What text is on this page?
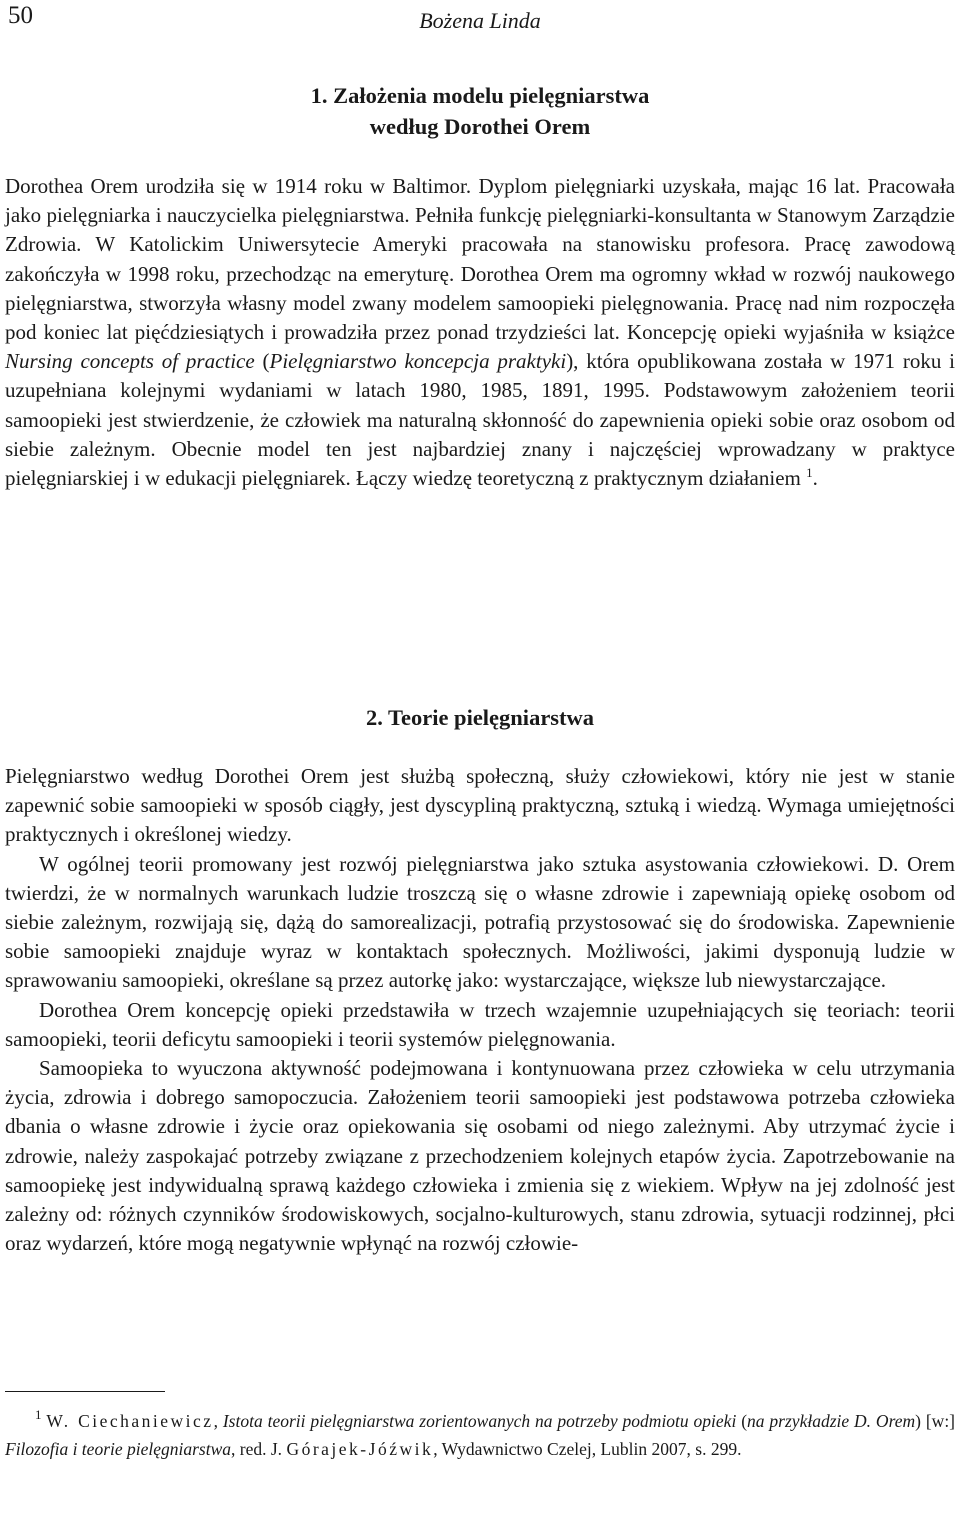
50	Bożena Linda
1. Założenia modelu pielęgniarstwa
według Dorothei Orem

Dorothea Orem urodziła się w 1914 roku w Baltimor. Dyplom pielęgniarki uzyskała, mając 16 lat. Pracowała jako pielęgniarka i nauczycielka pielęgniarstwa. Pełniła funkcję pielęgniarki-konsultanta w Stanowym Zarządzie Zdrowia. W Katolickim Uniwersytecie Ameryki pracowała na stanowisku profesora. Pracę zawodową zakończyła w 1998 roku, przechodząc na emeryturę. Dorothea Orem ma ogromny wkład w rozwój naukowego pielęgniarstwa, stworzyła własny model zwany modelem samoopieki pielęgnowania. Pracę nad nim rozpoczęła pod koniec lat pięćdziesiątych i prowadziła przez ponad trzydzieści lat. Koncepcję opieki wyjaśniła w książce Nursing concepts of practice (Pielęgniarstwo koncepcja praktyki), która opublikowana została w 1971 roku i uzupełniana kolejnymi wydaniami w latach 1980, 1985, 1891, 1995. Podstawowym założeniem teorii samoopieki jest stwierdzenie, że człowiek ma naturalną skłonność do zapewnienia opieki sobie oraz osobom od siebie zależnym. Obecnie model ten jest najbardziej znany i najczęściej wprowadzany w praktyce pielęgniarskiej i w edukacji pielęgniarek. Łączy wiedzę teoretyczną z praktycznym działaniem $^1$.

2. Teorie pielęgniarstwa

Pielęgniarstwo według Dorothei Orem jest służbą społeczną, służy człowiekowi, który nie jest w stanie zapewnić sobie samoopieki w sposób ciągły, jest dyscypliną praktyczną, sztuką i wiedzą. Wymaga umiejętności praktycznych i określonej wiedzy.

W ogólnej teorii promowany jest rozwój pielęgniarstwa jako sztuka asystowania człowiekowi. D. Orem twierdzi, że w normalnych warunkach ludzie troszczą się o własne zdrowie i zapewniają opiekę osobom od siebie zależnym, rozwijają się, dążą do samorealizacji, potrafią przystosować się do środowiska. Zapewnienie sobie samoopieki znajduje wyraz w kontaktach społecznych. Możliwości, jakimi dysponują ludzie w sprawowaniu samoopieki, określane są przez autorkę jako: wystarczające, większe lub niewystarczające.

Dorothea Orem koncepcję opieki przedstawiła w trzech wzajemnie uzupełniających się teoriach: teorii samoopieki, teorii deficytu samoopieki i teorii systemów pielęgnowania.

Samoopieka to wyuczona aktywność podejmowana i kontynuowana przez człowieka w celu utrzymania życia, zdrowia i dobrego samopoczucia. Założeniem teorii samoopieki jest podstawowa potrzeba człowieka dbania o własne zdrowie i życie oraz opiekowania się osobami od niego zależnymi. Aby utrzymać życie i zdrowie, należy zaspokajać potrzeby związane z przechodzeniem kolejnych etapów życia. Zapotrzebowanie na samoopiekę jest indywidualną sprawą każdego człowieka i zmienia się z wiekiem. Wpływ na jej zdolność jest zależny od: różnych czynników środowiskowych, socjalno-kulturowych, stanu zdrowia, sytuacji rodzinnej, płci oraz wydarzeń, które mogą negatywnie wpłynąć na rozwój człowie-

$^1$ W. Ciechaniewicz, Istota teorii pielęgniarstwa zorientowanych na potrzeby podmiotu opieki (na przykładzie D. Orem) [w:] Filozofia i teorie pielęgniarstwa, red. J. Górajek-Jóźwik, Wydawnictwo Czelej, Lublin 2007, s. 299.
